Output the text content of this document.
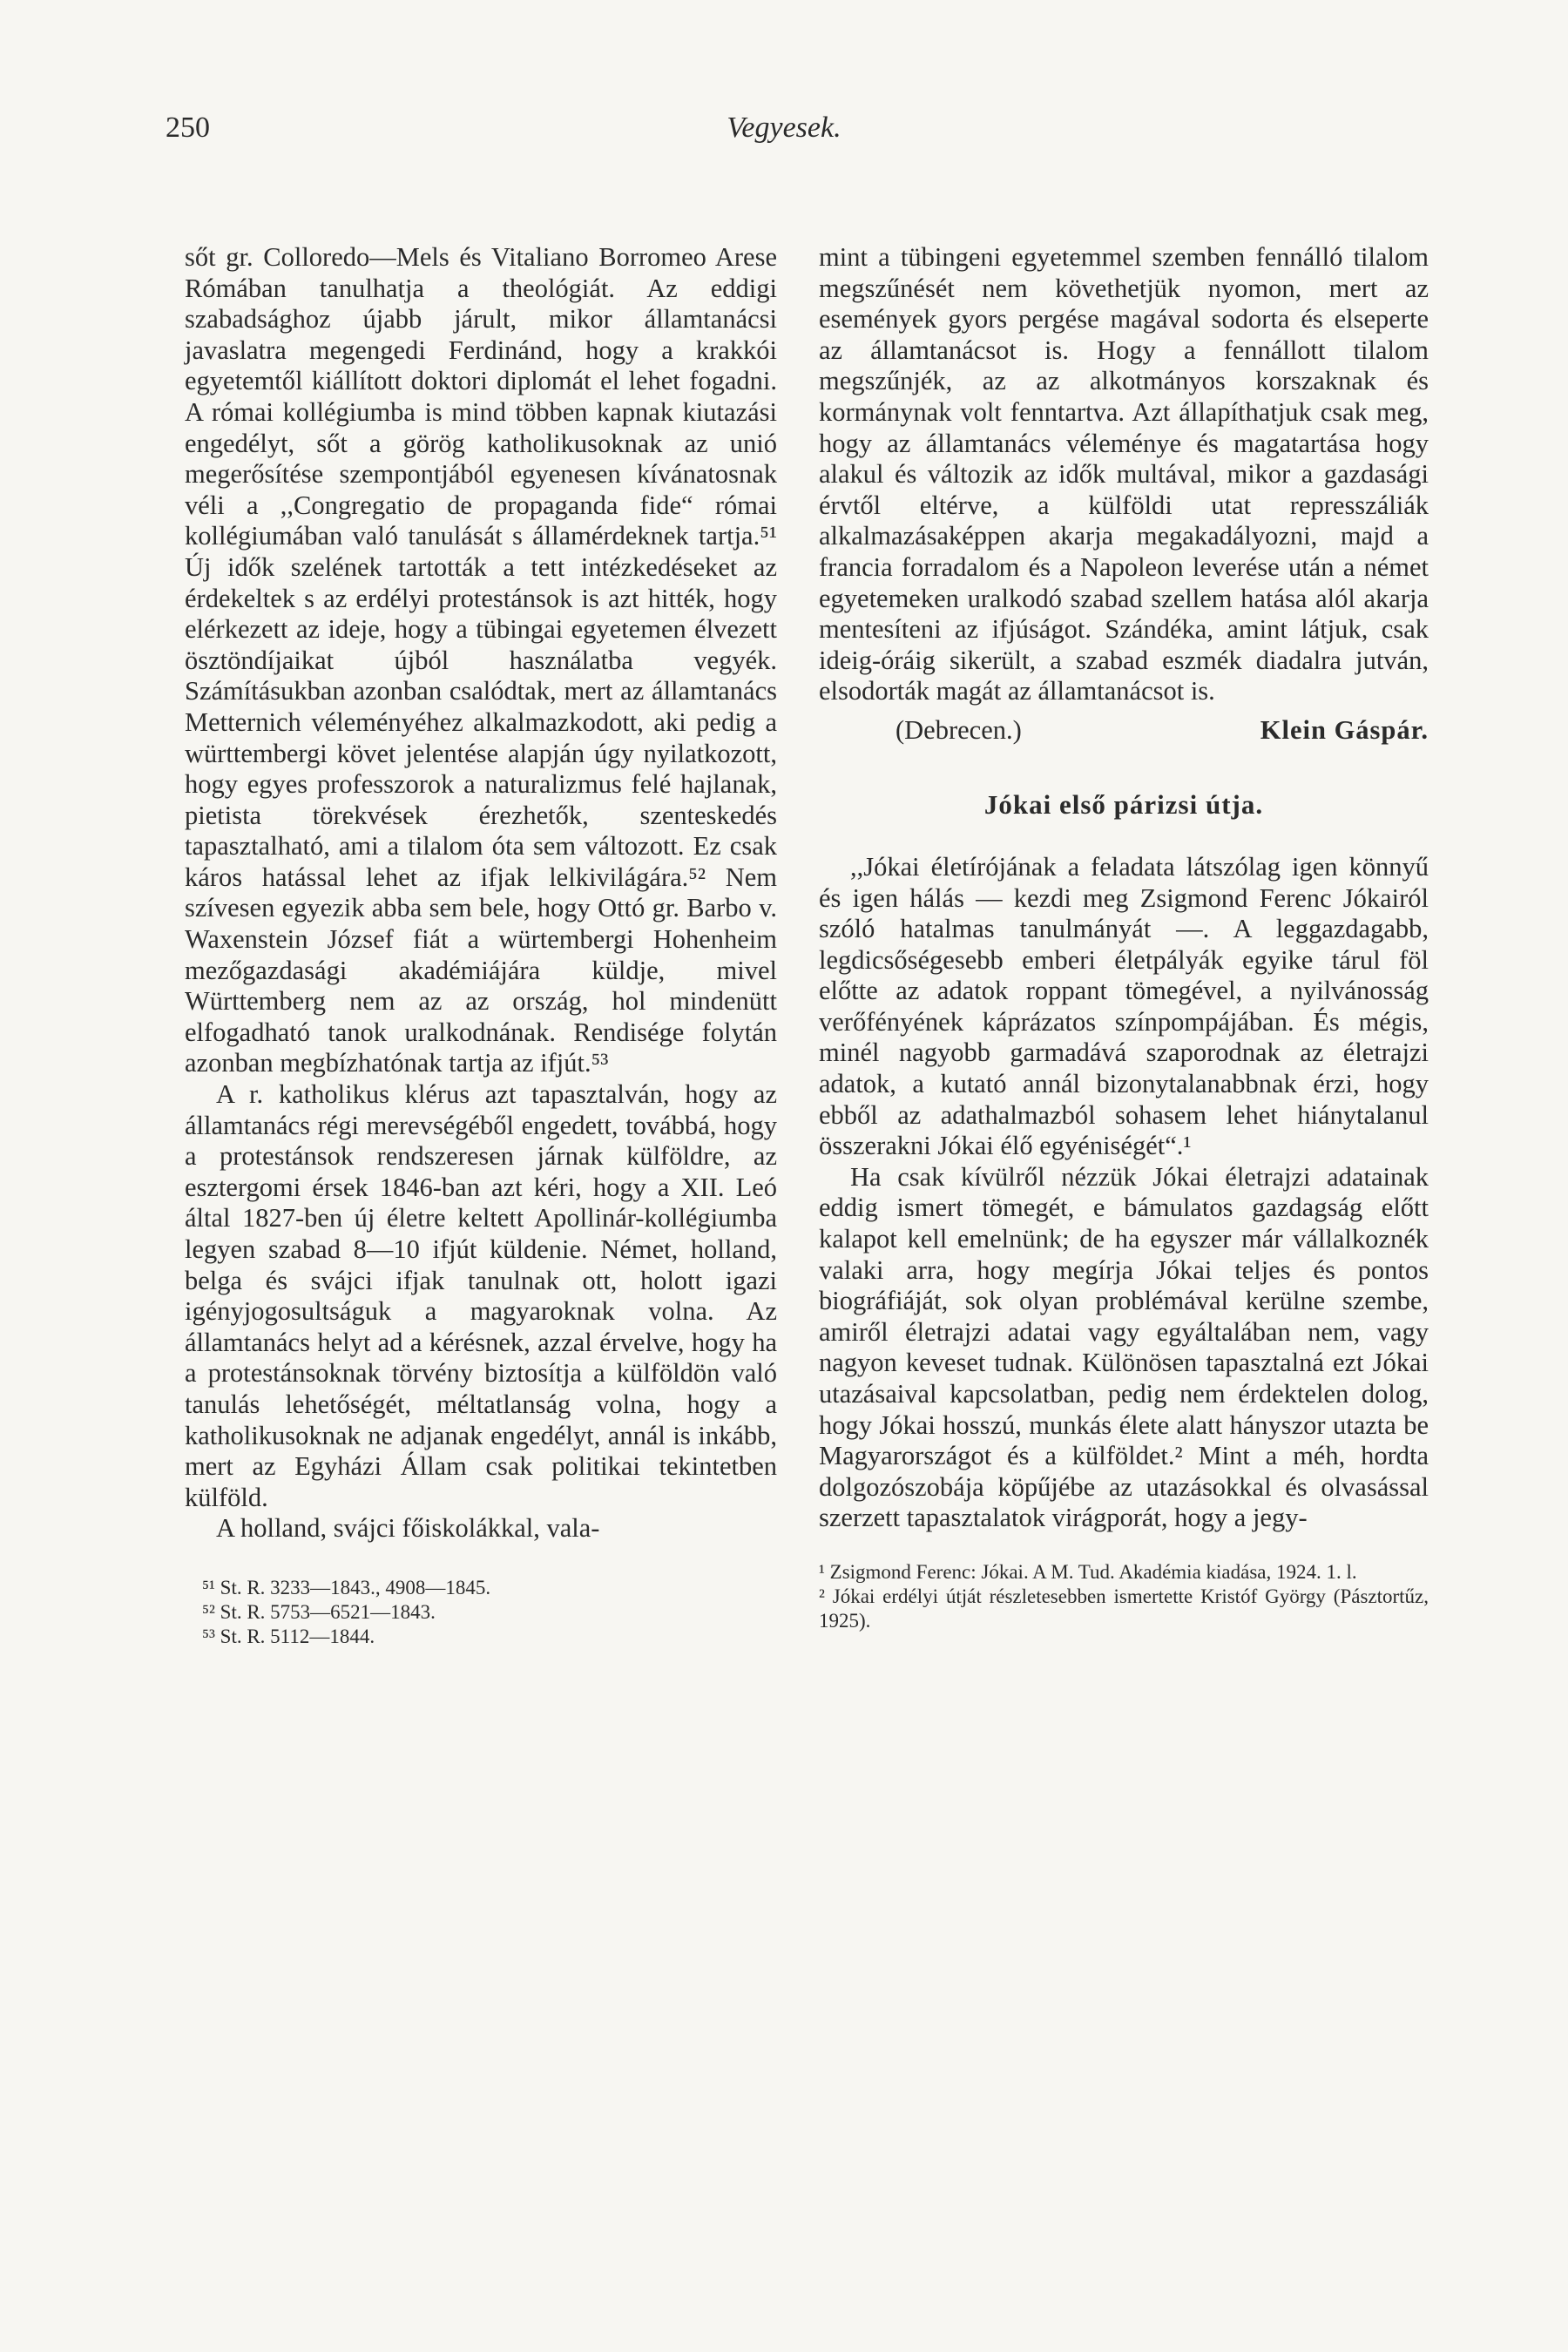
250	Vegyesek.

sőt gr. Colloredo—Mels és Vitaliano Borromeo Arese Rómában tanulhatja a theológiát. Az eddigi szabadsághoz újabb járult, mikor államtanácsi javaslatra megengedi Ferdinánd, hogy a krakkói egyetemtől kiállított doktori diplomát el lehet fogadni. A római kollégiumba is mind többen kapnak kiutazási engedélyt, sőt a görög katholikusoknak az unió megerősítése szempontjából egyenesen kívánatosnak véli a ,,Congregatio de propaganda fide“ római kollégiumában való tanulását s államérdeknek tartja.⁵¹ Új idők szelének tartották a tett intézkedéseket az érdekeltek s az erdélyi protestánsok is azt hitték, hogy elérkezett az ideje, hogy a tübingai egyetemen élvezett ösztöndíjaikat újból használatba vegyék. Számításukban azonban csalódtak, mert az államtanács Metternich véleményéhez alkalmazkodott, aki pedig a württembergi követ jelentése alapján úgy nyilatkozott, hogy egyes professzorok a naturalizmus felé hajlanak, pietista törekvések érezhetők, szenteskedés tapasztalható, ami a tilalom óta sem változott. Ez csak káros hatással lehet az ifjak lelkivilágára.⁵² Nem szívesen egyezik abba sem bele, hogy Ottó gr. Barbo v. Waxenstein József fiát a würtembergi Hohenheim mezőgazdasági akadémiájára küldje, mivel Württemberg nem az az ország, hol mindenütt elfogadható tanok uralkodnának. Rendisége folytán azonban megbízhatónak tartja az ifjút.⁵³

A r. katholikus klérus azt tapasztalván, hogy az államtanács régi merevségéből engedett, továbbá, hogy a protestánsok rendszeresen járnak külföldre, az esztergomi érsek 1846-ban azt kéri, hogy a XII. Leó által 1827-ben új életre keltett Apollinár-kollégiumba legyen szabad 8—10 ifjút küldenie. Német, holland, belga és svájci ifjak tanulnak ott, holott igazi igényjogosultságuk a magyaroknak volna. Az államtanács helyt ad a kérésnek, azzal érvelve, hogy ha a protestánsoknak törvény biztosítja a külföldön való tanulás lehetőségét, méltatlanság volna, hogy a katholikusoknak ne adjanak engedélyt, annál is inkább, mert az Egyházi Állam csak politikai tekintetben külföld.

A holland, svájci főiskolákkal, vala-

⁵¹ St. R. 3233—1843., 4908—1845.

⁵² St. R. 5753—6521—1843.

⁵³ St. R. 5112—1844.

mint a tübingeni egyetemmel szemben fennálló tilalom megszűnését nem követhetjük nyomon, mert az események gyors pergése magával sodorta és elseperte az államtanácsot is. Hogy a fennállott tilalom megszűnjék, az az alkotmányos korszaknak és kormánynak volt fenntartva. Azt állapíthatjuk csak meg, hogy az államtanács véleménye és magatartása hogy alakul és változik az idők multával, mikor a gazdasági érvtől eltérve, a külföldi utat represszáliák alkalmazásaképpen akarja megakadályozni, majd a francia forradalom és a Napoleon leverése után a német egyetemeken uralkodó szabad szellem hatása alól akarja mentesíteni az ifjúságot. Szándéka, amint látjuk, csak ideig-óráig sikerült, a szabad eszmék diadalra jutván, elsodorták magát az államtanácsot is.

(Debrecen.)	Klein Gáspár.
Jókai első párizsi útja.

,,Jókai életírójának a feladata látszólag igen könnyű és igen hálás — kezdi meg Zsigmond Ferenc Jókairól szóló hatalmas tanulmányát —. A leggazdagabb, legdicsőségesebb emberi életpályák egyike tárul föl előtte az adatok roppant tömegével, a nyilvánosság verőfényének káprázatos színpompájában. És mégis, minél nagyobb garmadává szaporodnak az életrajzi adatok, a kutató annál bizonytalanabbnak érzi, hogy ebből az adathalmazból sohasem lehet hiánytalanul összerakni Jókai élő egyéniségét“.¹

Ha csak kívülről nézzük Jókai életrajzi adatainak eddig ismert tömegét, e bámulatos gazdagság előtt kalapot kell emelnünk; de ha egyszer már vállalkoznék valaki arra, hogy megírja Jókai teljes és pontos biográfiáját, sok olyan problémával kerülne szembe, amiről életrajzi adatai vagy egyáltalában nem, vagy nagyon keveset tudnak. Különösen tapasztalná ezt Jókai utazásaival kapcsolatban, pedig nem érdektelen dolog, hogy Jókai hosszú, munkás élete alatt hányszor utazta be Magyarországot és a külföldet.² Mint a méh, hordta dolgozószobája köpűjébe az utazásokkal és olvasással szerzett tapasztalatok virágporát, hogy a jegy-

¹ Zsigmond Ferenc: Jókai. A M. Tud. Akadémia kiadása, 1924. 1. l.

² Jókai erdélyi útját részletesebben ismertette Kristóf György (Pásztortűz, 1925).
